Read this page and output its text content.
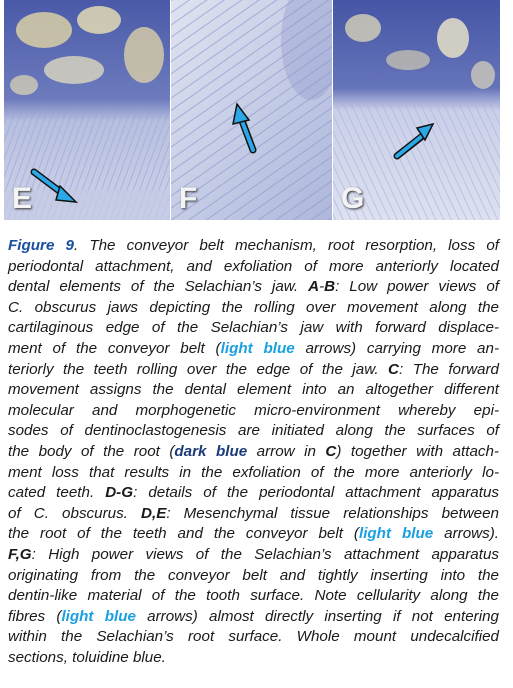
E	F	G
Figure 9. The conveyor belt mechanism, root resorption, loss of
periodontal attachment, and exfoliation of more anteriorly located
dental elements of the Selachian’s jaw. A-B: Low power views of
C. obscurus jaws depicting the rolling over movement along the
cartilaginous edge of the Selachian’s jaw with forward displace-
ment of the conveyor belt (light blue arrows) carrying more an-
teriorly the teeth rolling over the edge of the jaw. C: The forward
movement assigns the dental element into an altogether different
molecular and morphogenetic micro-environment whereby epi-
sodes of dentinoclastogenesis are initiated along the surfaces of
the body of the root (dark blue arrow in C) together with attach-
ment loss that results in the exfoliation of the more anteriorly lo-
cated teeth. D-G: details of the periodontal attachment apparatus
of C. obscurus. D,E: Mesenchymal tissue relationships between
the root of the teeth and the conveyor belt (light blue arrows).
F,G: High power views of the Selachian’s attachment apparatus
originating from the conveyor belt and tightly inserting into the
dentin-like material of the tooth surface. Note cellularity along the
fibres (light blue arrows) almost directly inserting if not entering
within the Selachian’s root surface. Whole mount undecalcified
sections, toluidine blue.
